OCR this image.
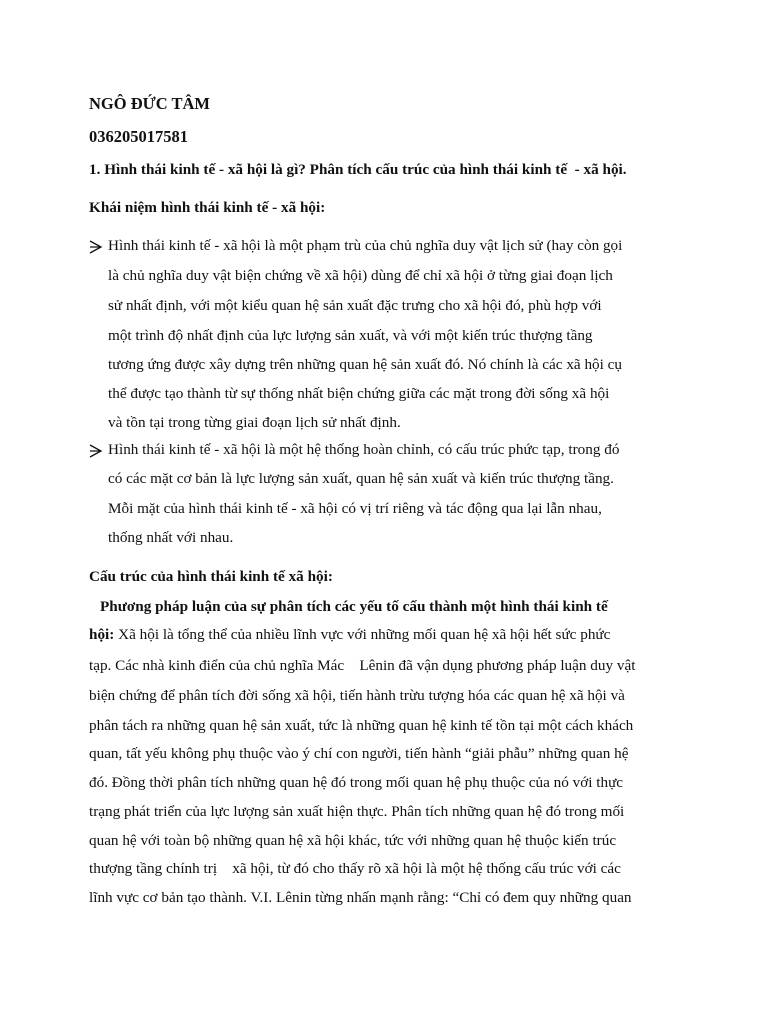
NGÔ ĐỨC TÂM
036205017581
1. Hình thái kinh tế - xã hội là gì? Phân tích cấu trúc của hình thái kinh tế  - xã hội.
Khái niệm hình thái kinh tế - xã hội:
Hình thái kinh tế - xã hội là một phạm trù của chủ nghĩa duy vật lịch sử (hay còn gọi
là chủ nghĩa duy vật biện chứng về xã hội) dùng để chỉ xã hội ở từng giai đoạn lịch
sử nhất định, với một kiểu quan hệ sản xuất đặc trưng cho xã hội đó, phù hợp với
một trình độ nhất định của lực lượng sản xuất, và với một kiến trúc thượng tầng
tương ứng được xây dựng trên những quan hệ sản xuất đó. Nó chính là các xã hội cụ
thể được tạo thành từ sự thống nhất biện chứng giữa các mặt trong đời sống xã hội
và tồn tại trong từng giai đoạn lịch sử nhất định.
Hình thái kinh tế - xã hội là một hệ thống hoàn chỉnh, có cấu trúc phức tạp, trong đó
có các mặt cơ bản là lực lượng sản xuất, quan hệ sản xuất và kiến trúc thượng tầng.
Mỗi mặt của hình thái kinh tế - xã hội có vị trí riêng và tác động qua lại lẫn nhau,
thống nhất với nhau.
Cấu trúc của hình thái kinh tế xã hội:
Phương pháp luận của sự phân tích các yếu tố cấu thành một hình thái kinh tế
hội: Xã hội là tổng thể của nhiều lĩnh vực với những mối quan hệ xã hội hết sức phức
tạp. Các nhà kinh điển của chủ nghĩa Mác    Lênin đã vận dụng phương pháp luận duy vật
biện chứng để phân tích đời sống xã hội, tiến hành trừu tượng hóa các quan hệ xã hội và
phân tách ra những quan hệ sản xuất, tức là những quan hệ kinh tế tồn tại một cách khách
quan, tất yếu không phụ thuộc vào ý chí con người, tiến hành “giải phẫu” những quan hệ
đó. Đồng thời phân tích những quan hệ đó trong mối quan hệ phụ thuộc của nó với thực
trạng phát triển của lực lượng sản xuất hiện thực. Phân tích những quan hệ đó trong mối
quan hệ với toàn bộ những quan hệ xã hội khác, tức với những quan hệ thuộc kiến trúc
thượng tầng chính trị    xã hội, từ đó cho thấy rõ xã hội là một hệ thống cấu trúc với các
lĩnh vực cơ bản tạo thành. V.I. Lênin từng nhấn mạnh rằng: “Chỉ có đem quy những quan
